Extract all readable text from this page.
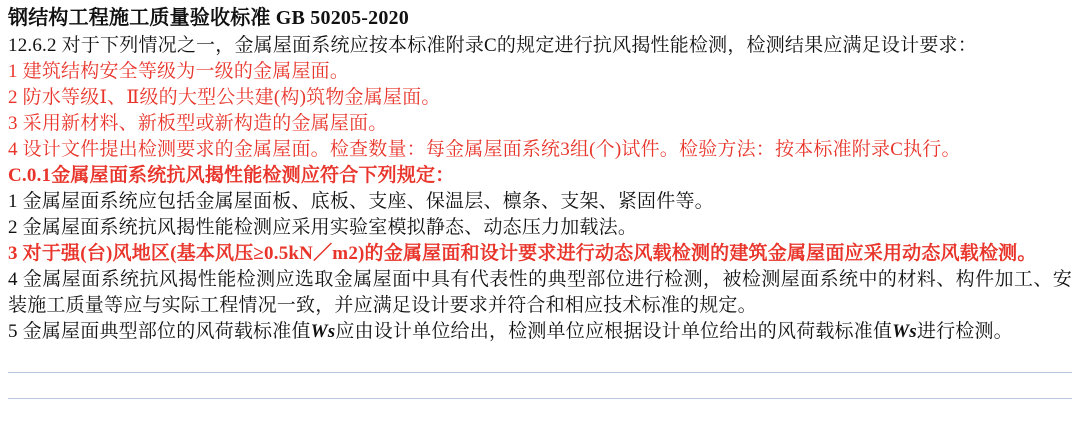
钢结构工程施工质量验收标准 GB 50205-2020
12.6.2 对于下列情况之一，金属屋面系统应按本标准附录C的规定进行抗风揭性能检测，检测结果应满足设计要求：
1 建筑结构安全等级为一级的金属屋面。
2 防水等级Ⅰ、Ⅱ级的大型公共建(构)筑物金属屋面。
3 采用新材料、新板型或新构造的金属屋面。
4 设计文件提出检测要求的金属屋面。检查数量：每金属屋面系统3组(个)试件。检验方法：按本标准附录C执行。
C.0.1金属屋面系统抗风揭性能检测应符合下列规定：
1 金属屋面系统应包括金属屋面板、底板、支座、保温层、檩条、支架、紧固件等。
2 金属屋面系统抗风揭性能检测应采用实验室模拟静态、动态压力加载法。
3 对于强(台)风地区(基本风压≥0.5kN／m2)的金属屋面和设计要求进行动态风载检测的建筑金属屋面应采用动态风载检测。
4 金属屋面系统抗风揭性能检测应选取金属屋面中具有代表性的典型部位进行检测，被检测屋面系统中的材料、构件加工、安装施工质量等应与实际工程情况一致，并应满足设计要求并符合和相应技术标准的规定。
5 金属屋面典型部位的风荷载标准值Ws应由设计单位给出，检测单位应根据设计单位给出的风荷载标准值Ws进行检测。
